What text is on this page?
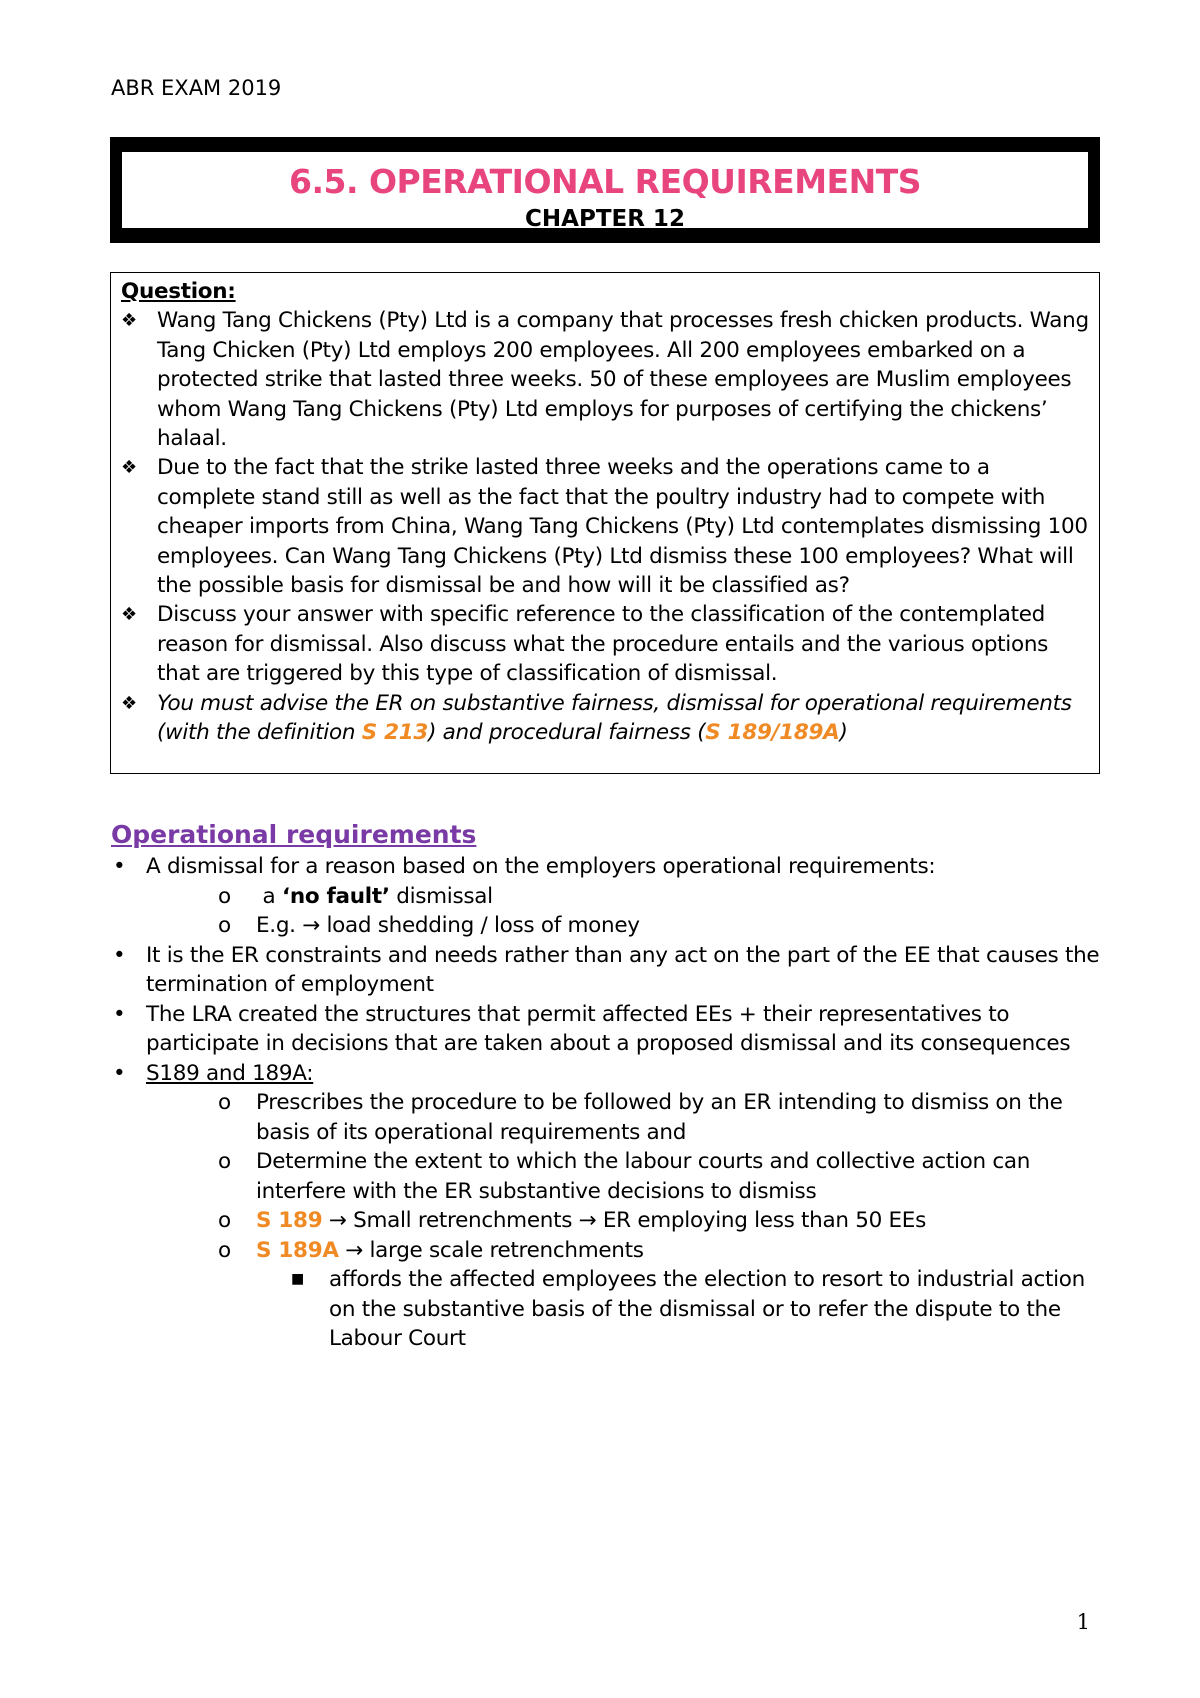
ABR EXAM 2019
6.5. OPERATIONAL REQUIREMENTS
CHAPTER 12
Question:
❖ Wang Tang Chickens (Pty) Ltd is a company that processes fresh chicken products. Wang Tang Chicken (Pty) Ltd employs 200 employees. All 200 employees embarked on a protected strike that lasted three weeks. 50 of these employees are Muslim employees whom Wang Tang Chickens (Pty) Ltd employs for purposes of certifying the chickens’ halaal.
❖ Due to the fact that the strike lasted three weeks and the operations came to a complete stand still as well as the fact that the poultry industry had to compete with cheaper imports from China, Wang Tang Chickens (Pty) Ltd contemplates dismissing 100 employees. Can Wang Tang Chickens (Pty) Ltd dismiss these 100 employees? What will the possible basis for dismissal be and how will it be classified as?
❖ Discuss your answer with specific reference to the classification of the contemplated reason for dismissal. Also discuss what the procedure entails and the various options that are triggered by this type of classification of dismissal.
❖ You must advise the ER on substantive fairness, dismissal for operational requirements (with the definition S 213) and procedural fairness (S 189/189A)
Operational requirements
• A dismissal for a reason based on the employers operational requirements:
o a ‘no fault’ dismissal
o E.g. → load shedding / loss of money
• It is the ER constraints and needs rather than any act on the part of the EE that causes the termination of employment
• The LRA created the structures that permit affected EEs + their representatives to participate in decisions that are taken about a proposed dismissal and its consequences
• S189 and 189A:
o Prescribes the procedure to be followed by an ER intending to dismiss on the basis of its operational requirements and
o Determine the extent to which the labour courts and collective action can interfere with the ER substantive decisions to dismiss
o S 189 → Small retrenchments → ER employing less than 50 EEs
o S 189A → large scale retrenchments
■ affords the affected employees the election to resort to industrial action on the substantive basis of the dismissal or to refer the dispute to the Labour Court
1
